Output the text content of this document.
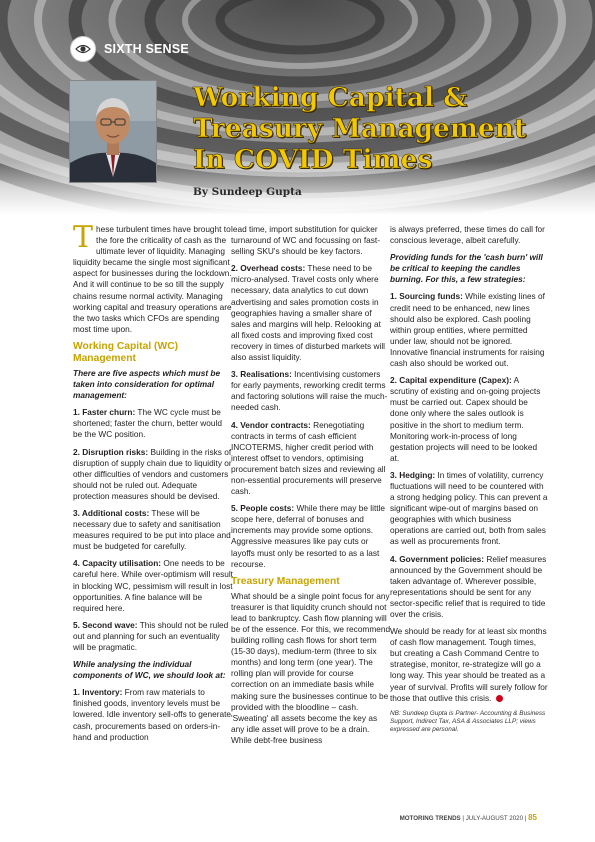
SIXTH SENSE
Working Capital &
Treasury Management
In COVID Times
By Sundeep Gupta

These turbulent times have brought to the fore the criticality of cash as the ultimate lever of liquidity. Managing liquidity became the single most significant aspect for businesses during the lockdown. And it will continue to be so till the supply chains resume normal activity. Managing working capital and treasury operations are the two tasks which CFOs are spending most time upon.

Working Capital (WC) Management

There are five aspects which must be taken into consideration for optimal management:

1. Faster churn: The WC cycle must be shortened; faster the churn, better would be the WC position.

2. Disruption risks: Building in the risks of disruption of supply chain due to liquidity or other difficulties of vendors and customers should not be ruled out. Adequate protection measures should be devised.

3. Additional costs: These will be necessary due to safety and sanitisation measures required to be put into place and must be budgeted for carefully.

4. Capacity utilisation: One needs to be careful here. While over-optimism will result in blocking WC, pessimism will result in lost opportunities. A fine balance will be required here.

5. Second wave: This should not be ruled out and planning for such an eventuality will be pragmatic.

While analysing the individual components of WC, we should look at:

1. Inventory: From raw materials to finished goods, inventory levels must be lowered. Idle inventory sell-offs to generate cash, procurements based on orders-in-hand and production

lead time, import substitution for quicker turnaround of WC and focussing on fast-selling SKU's should be key factors.

2. Overhead costs: These need to be micro-analysed. Travel costs only where necessary, data analytics to cut down advertising and sales promotion costs in geographies having a smaller share of sales and margins will help. Relooking at all fixed costs and improving fixed cost recovery in times of disturbed markets will also assist liquidity.

3. Realisations: Incentivising customers for early payments, reworking credit terms and factoring solutions will raise the much-needed cash.

4. Vendor contracts: Renegotiating contracts in terms of cash efficient INCOTERMS, higher credit period with interest offset to vendors, optimising procurement batch sizes and reviewing all non-essential procurements will preserve cash.

5. People costs: While there may be little scope here, deferral of bonuses and increments may provide some options. Aggressive measures like pay cuts or layoffs must only be resorted to as a last recourse.

Treasury Management

What should be a single point focus for any treasurer is that liquidity crunch should not lead to bankruptcy. Cash flow planning will be of the essence. For this, we recommend building rolling cash flows for short term (15-30 days), medium-term (three to six months) and long term (one year). The rolling plan will provide for course correction on an immediate basis while making sure the businesses continue to be provided with the bloodline – cash. 'Sweating' all assets become the key as any idle asset will prove to be a drain. While debt-free business

is always preferred, these times do call for conscious leverage, albeit carefully.

Providing funds for the 'cash burn' will be critical to keeping the candles burning. For this, a few strategies:

1. Sourcing funds: While existing lines of credit need to be enhanced, new lines should also be explored. Cash pooling within group entities, where permitted under law, should not be ignored. Innovative financial instruments for raising cash also should be worked out.

2. Capital expenditure (Capex): A scrutiny of existing and on-going projects must be carried out. Capex should be done only where the sales outlook is positive in the short to medium term. Monitoring work-in-process of long gestation projects will need to be looked at.

3. Hedging: In times of volatility, currency fluctuations will need to be countered with a strong hedging policy. This can prevent a significant wipe-out of margins based on geographies with which business operations are carried out, both from sales as well as procurements front.

4. Government policies: Relief measures announced by the Government should be taken advantage of. Wherever possible, representations should be sent for any sector-specific relief that is required to tide over the crisis.

We should be ready for at least six months of cash flow management. Tough times, but creating a Cash Command Centre to strategise, monitor, re-strategize will go a long way. This year should be treated as a year of survival. Profits will surely follow for those that outlive this crisis.

NB: Sundeep Gupta is Partner- Accounting & Business Support, Indirect Tax, ASA & Associates LLP; views expressed are personal.

MOTORING TRENDS | JULY-AUGUST 2020 | 85
